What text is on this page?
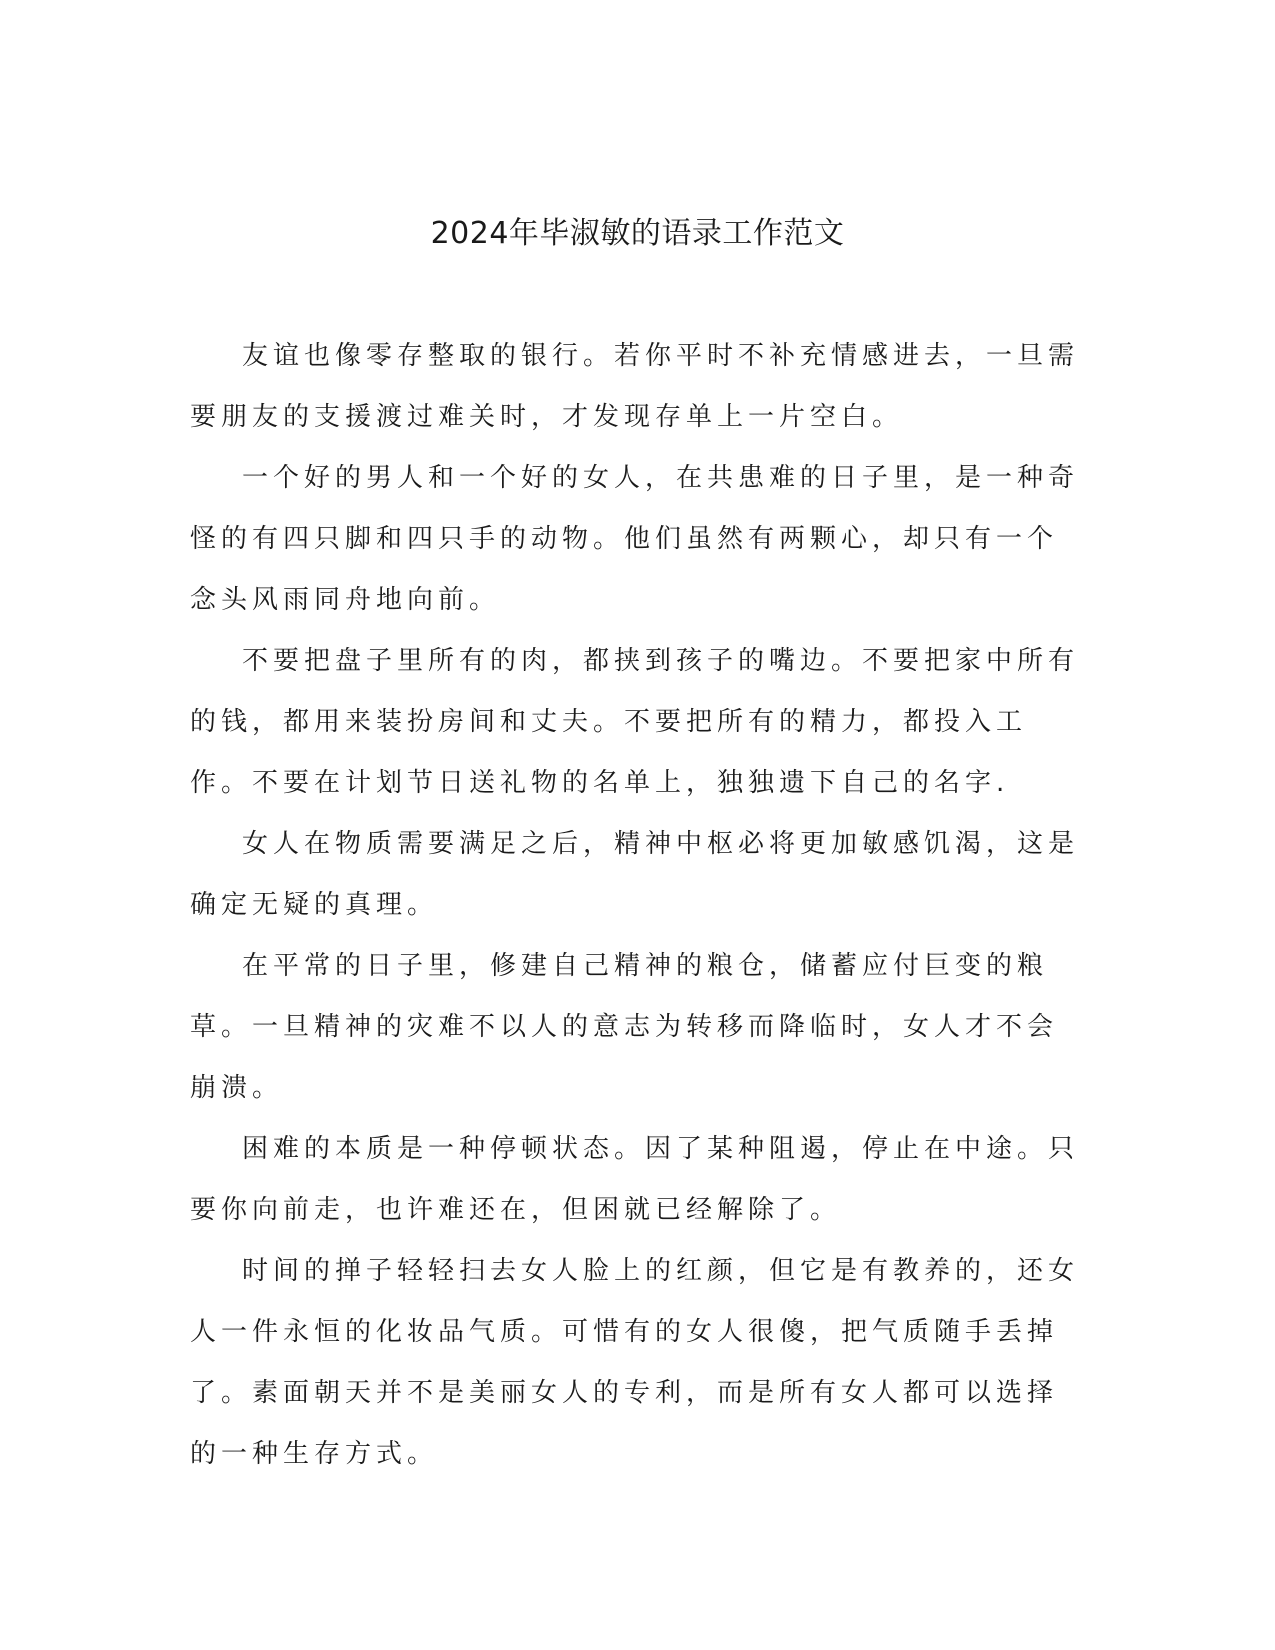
2024年毕淑敏的语录工作范文

友谊也像零存整取的银行。若你平时不补充情感进去，一旦需要朋友的支援渡过难关时，才发现存单上一片空白。

一个好的男人和一个好的女人，在共患难的日子里，是一种奇怪的有四只脚和四只手的动物。他们虽然有两颗心，却只有一个念头风雨同舟地向前。

不要把盘子里所有的肉，都挟到孩子的嘴边。不要把家中所有的钱，都用来装扮房间和丈夫。不要把所有的精力，都投入工作。不要在计划节日送礼物的名单上，独独遗下自己的名字.

女人在物质需要满足之后，精神中枢必将更加敏感饥渴，这是确定无疑的真理。

在平常的日子里，修建自己精神的粮仓，储蓄应付巨变的粮草。一旦精神的灾难不以人的意志为转移而降临时，女人才不会崩溃。

困难的本质是一种停顿状态。因了某种阻遏，停止在中途。只要你向前走，也许难还在，但困就已经解除了。

时间的掸子轻轻扫去女人脸上的红颜，但它是有教养的，还女人一件永恒的化妆品气质。可惜有的女人很傻，把气质随手丢掉了。素面朝天并不是美丽女人的专利，而是所有女人都可以选择的一种生存方式。
